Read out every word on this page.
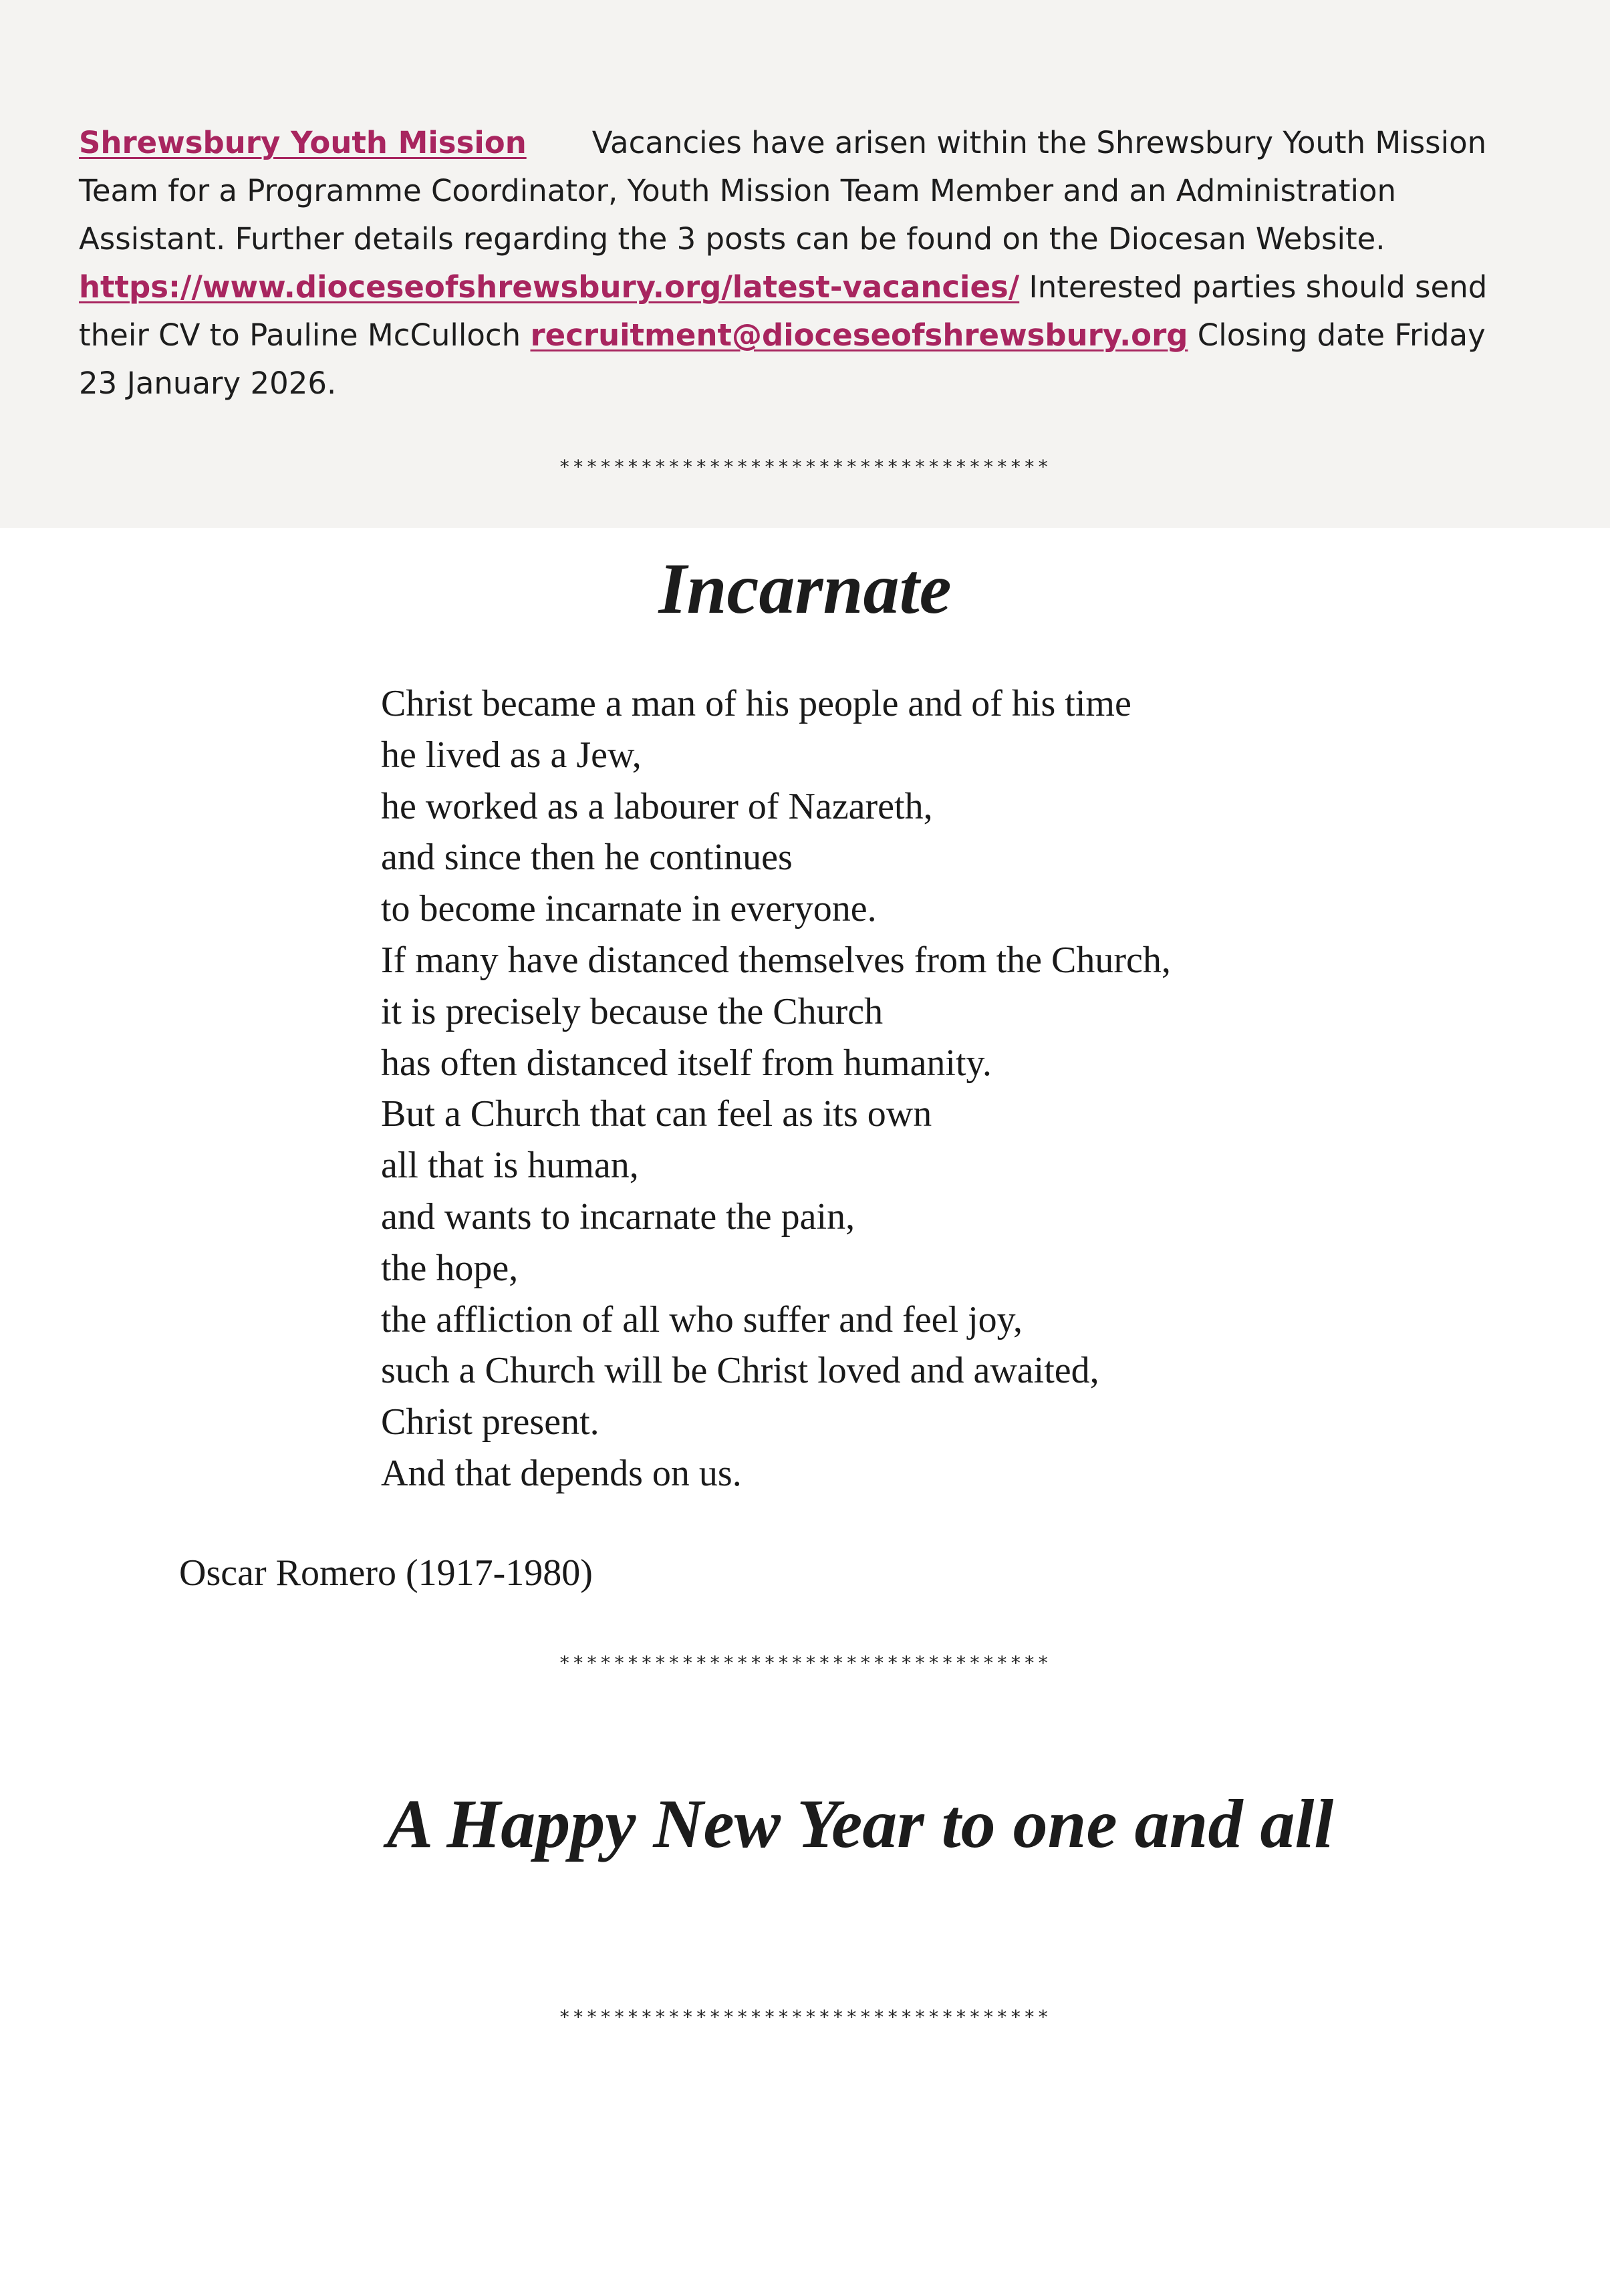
Shrewsbury Youth Mission Vacancies have arisen within the Shrewsbury Youth Mission
Team for a Programme Coordinator, Youth Mission Team Member and an Administration
Assistant. Further details regarding the 3 posts can be found on the Diocesan Website.
https://www.dioceseofshrewsbury.org/latest-vacancies/ Interested parties should send
their CV to Pauline McCulloch recruitment@dioceseofshrewsbury.org Closing date Friday
23 January 2026.
************************************
Incarnate
Christ became a man of his people and of his time
he lived as a Jew,
he worked as a labourer of Nazareth,
and since then he continues
to become incarnate in everyone.
If many have distanced themselves from the Church,
it is precisely because the Church
has often distanced itself from humanity.
But a Church that can feel as its own
all that is human,
and wants to incarnate the pain,
the hope,
the affliction of all who suffer and feel joy,
such a Church will be Christ loved and awaited,
Christ present.
And that depends on us.
Oscar Romero (1917-1980)
************************************
A Happy New Year to one and all
************************************
